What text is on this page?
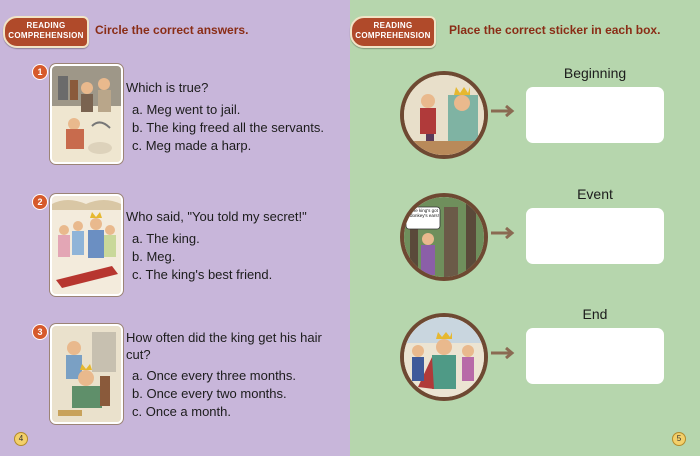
READING
COMPREHENSION Circle the correct answers.
1
Which is true?
a. Meg went to jail.
b. The king freed all the servants.
c. Meg made a harp.
2
Who said, "You told my secret!"
a. The king.
b. Meg.
c. The king's best friend.
3	How often did the king get his hair cut?
a. Once every three months.
b. Once every two months.
c. Once a month.
4
READING
COMPREHENSION Place the correct sticker in each box.
Beginning
The king's got donkey's ears!
Event
End
5
